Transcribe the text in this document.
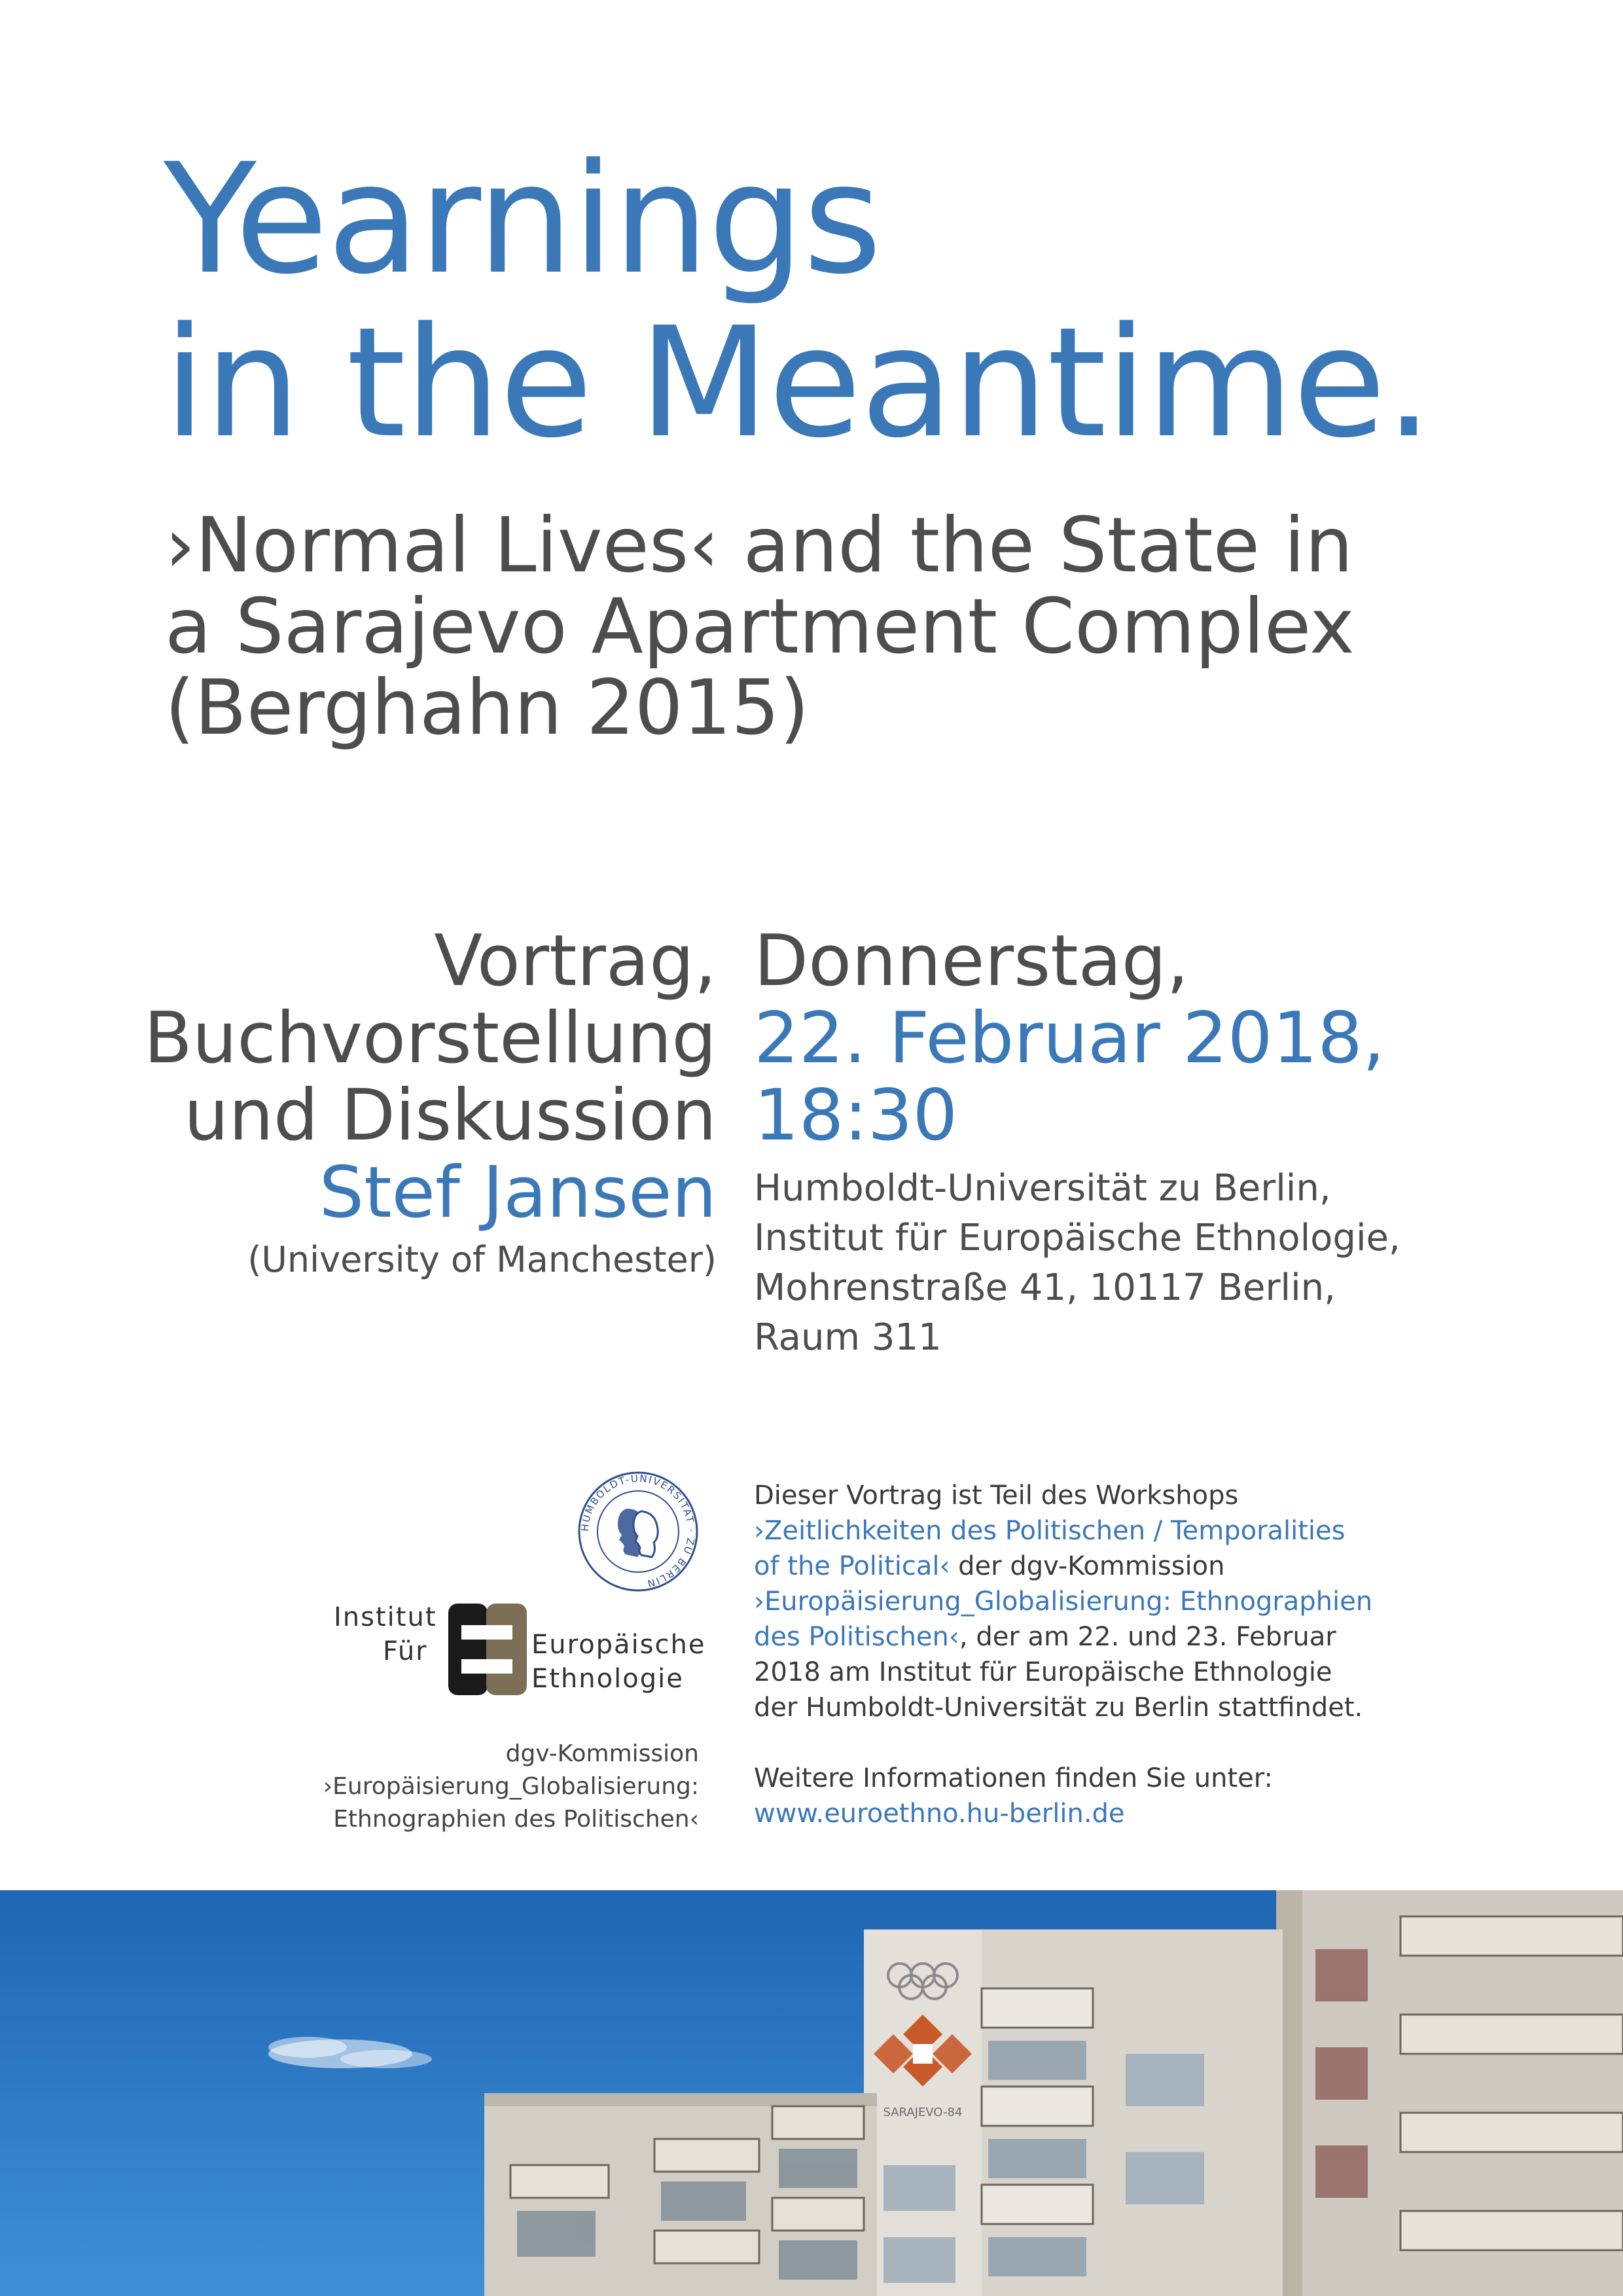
Yearnings
in the Meantime.
›Normal Lives‹ and the State in
a Sarajevo Apartment Complex
(Berghahn 2015)
Vortrag,
Buchvorstellung
und Diskussion
Stef Jansen
(University of Manchester)
Donnerstag,
22. Februar 2018,
18:30
Humboldt-Universität zu Berlin,
Institut für Europäische Ethnologie,
Mohrenstraße 41, 10117 Berlin,
Raum 311
HUMBOLDT-UNIVERSITÄT · ZU BERLIN
Institut
Für	Europäische
Ethnologie
dgv-Kommission
›Europäisierung_Globalisierung:
Ethnographien des Politischen‹
Dieser Vortrag ist Teil des Workshops
›Zeitlichkeiten des Politischen / Temporalities
of the Political‹ der dgv-Kommission
›Europäisierung_Globalisierung: Ethnographien
des Politischen‹, der am 22. und 23. Februar
2018 am Institut für Europäische Ethnologie
der Humboldt-Universität zu Berlin stattfindet.
Weitere Informationen finden Sie unter:
www.euroethno.hu-berlin.de
SARAJEVO-84
